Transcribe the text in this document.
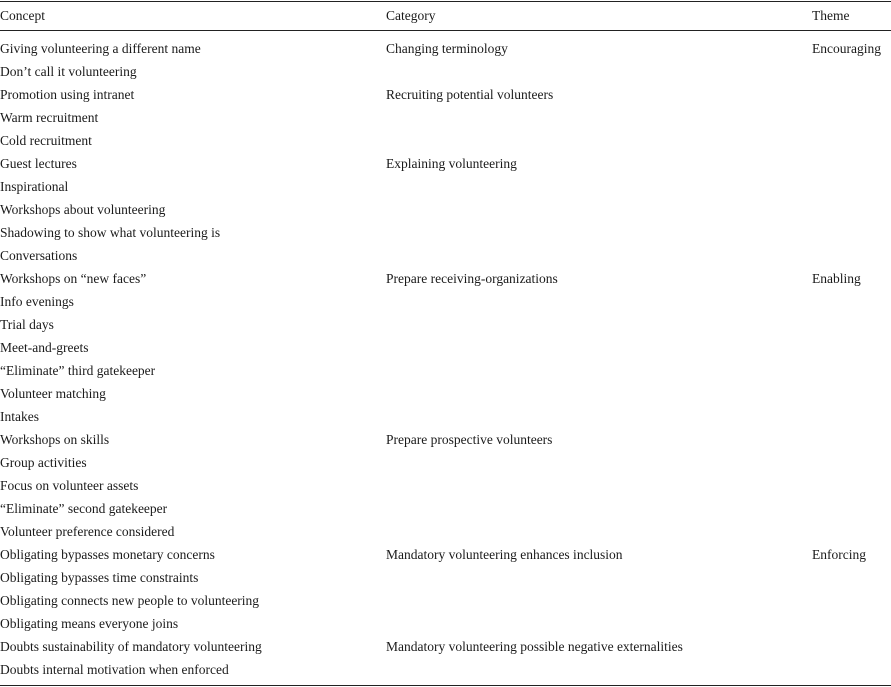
Concept	Category	Theme
Giving volunteering a different name	Changing terminology	Encouraging
Don’t call it volunteering
Promotion using intranet	Recruiting potential volunteers
Warm recruitment
Cold recruitment
Guest lectures	Explaining volunteering
Inspirational
Workshops about volunteering
Shadowing to show what volunteering is
Conversations
Workshops on “new faces”	Prepare receiving-organizations	Enabling
Info evenings
Trial days
Meet-and-greets
“Eliminate” third gatekeeper
Volunteer matching
Intakes
Workshops on skills	Prepare prospective volunteers
Group activities
Focus on volunteer assets
“Eliminate” second gatekeeper
Volunteer preference considered
Obligating bypasses monetary concerns	Mandatory volunteering enhances inclusion	Enforcing
Obligating bypasses time constraints
Obligating connects new people to volunteering
Obligating means everyone joins
Doubts sustainability of mandatory volunteering	Mandatory volunteering possible negative externalities
Doubts internal motivation when enforced
